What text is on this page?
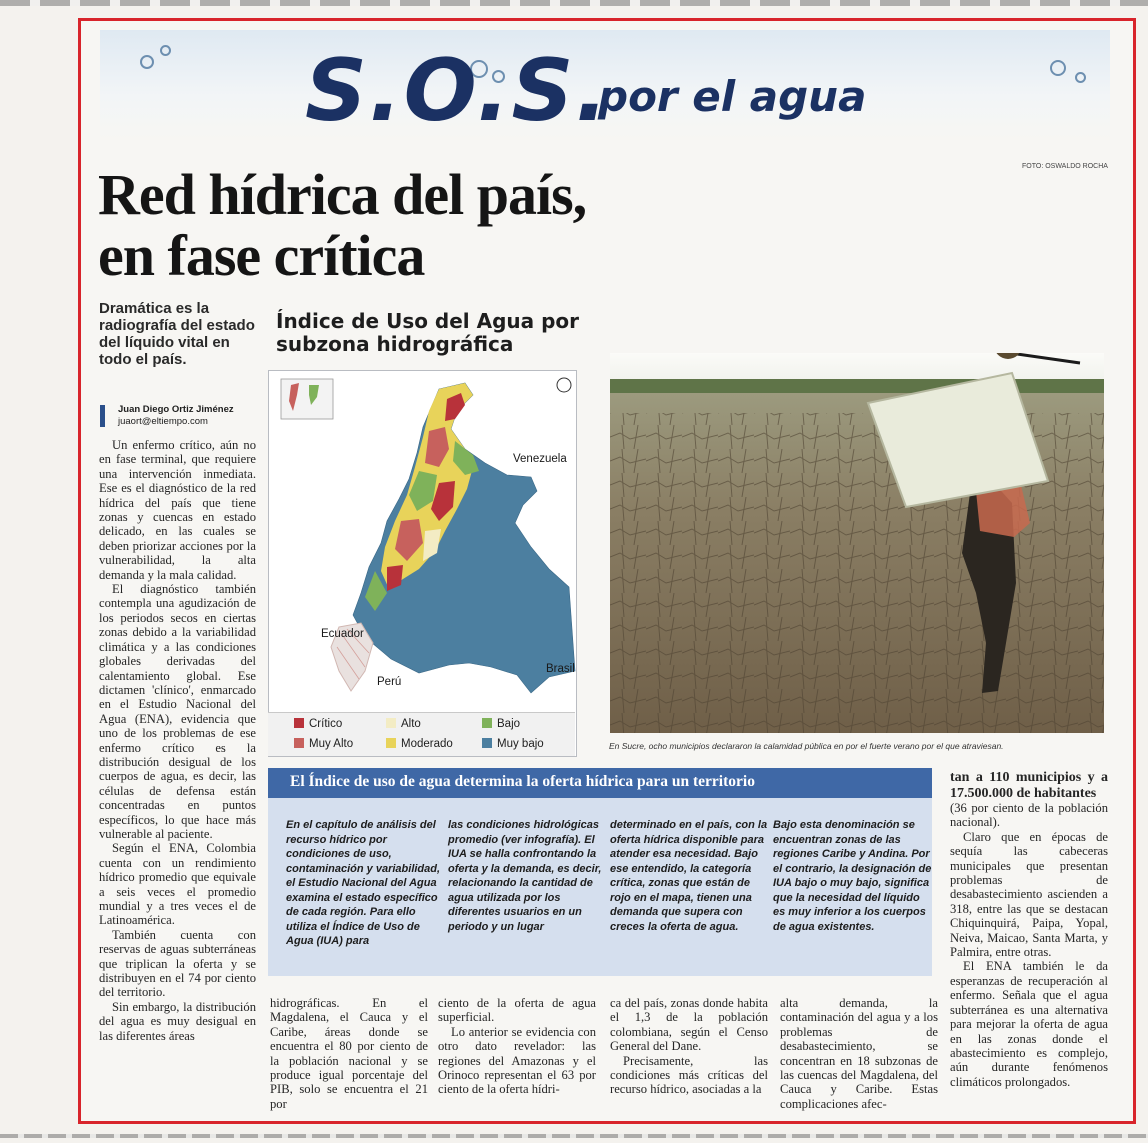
S.O.S.
por el agua
FOTO: OSWALDO ROCHA
Red hídrica del país, en fase crítica
Dramática es la radiografía del estado del líquido vital en todo el país.
Juan Diego Ortiz Jiménez
juaort@eltiempo.com

Un enfermo crítico, aún no en fase terminal, que requiere una intervención inmediata. Ese es el diagnóstico de la red hídrica del país que tiene zonas y cuencas en estado delicado, en las cuales se deben priorizar acciones por la vulnerabilidad, la alta demanda y la mala calidad.

El diagnóstico también contempla una agudización de los periodos secos en ciertas zonas debido a la variabilidad climática y a las condiciones globales derivadas del calentamiento global. Ese dictamen 'clínico', enmarcado en el Estudio Nacional del Agua (ENA), evidencia que uno de los problemas de ese enfermo crítico es la distribución desigual de los cuerpos de agua, es decir, las células de defensa están concentradas en puntos específicos, lo que hace más vulnerable al paciente.

Según el ENA, Colombia cuenta con un rendimiento hídrico promedio que equivale a seis veces el promedio mundial y a tres veces el de Latinoamérica.

También cuenta con reservas de aguas subterráneas que triplican la oferta y se distribuyen en el 74 por ciento del territorio.

Sin embargo, la distribución del agua es muy desigual en las diferentes áreas

Índice de Uso del Agua por subzona hidrográfica
Venezuela
Ecuador
Perú
Brasil
Crítico	Alto	Bajo
Muy Alto	Moderado	Muy bajo	En Sucre, ocho municipios declararon la calamidad pública en por el fuerte verano por el que atraviesan.
El Índice de uso de agua determina la oferta hídrica para un territorio

En el capítulo de análisis del recurso hídrico por condiciones de uso, contaminación y variabilidad, el Estudio Nacional del Agua examina el estado específico de cada región. Para ello utiliza el Índice de Uso de Agua (IUA) para

las condiciones hidrológicas promedio (ver infografía). El IUA se halla confrontando la oferta y la demanda, es decir, relacionando la cantidad de agua utilizada por los diferentes usuarios en un periodo y un lugar

determinado en el país, con la oferta hídrica disponible para atender esa necesidad. Bajo ese entendido, la categoría crítica, zonas que están de rojo en el mapa, tienen una demanda que supera con creces la oferta de agua.

Bajo esta denominación se encuentran zonas de las regiones Caribe y Andina. Por el contrario, la designación de IUA bajo o muy bajo, significa que la necesidad del líquido es muy inferior a los cuerpos de agua existentes.

hidrográficas. En el Magdalena, el Cauca y el Caribe, áreas donde se encuentra el 80 por ciento de la población nacional y se produce igual porcentaje del PIB, solo se encuentra el 21 por

ciento de la oferta de agua superficial.

Lo anterior se evidencia con otro dato revelador: las regiones del Amazonas y el Orinoco representan el 63 por ciento de la oferta hídri-

ca del país, zonas donde habita el 1,3 de la población colombiana, según el Censo General del Dane.

Precisamente, las condiciones más críticas del recurso hídrico, asociadas a la

alta demanda, la contaminación del agua y a los problemas de desabastecimiento, se concentran en 18 subzonas de las cuencas del Magdalena, del Cauca y Caribe. Estas complicaciones afec-

tan a 110 municipios y a 17.500.000 de habitantes

(36 por ciento de la población nacional).

Claro que en épocas de sequía las cabeceras municipales que presentan problemas de desabastecimiento ascienden a 318, entre las que se destacan Chiquinquirá, Paipa, Yopal, Neiva, Maicao, Santa Marta, y Palmira, entre otras.

El ENA también le da esperanzas de recuperación al enfermo. Señala que el agua subterránea es una alternativa para mejorar la oferta de agua en las zonas donde el abastecimiento es complejo, aún durante fenómenos climáticos prolongados.
